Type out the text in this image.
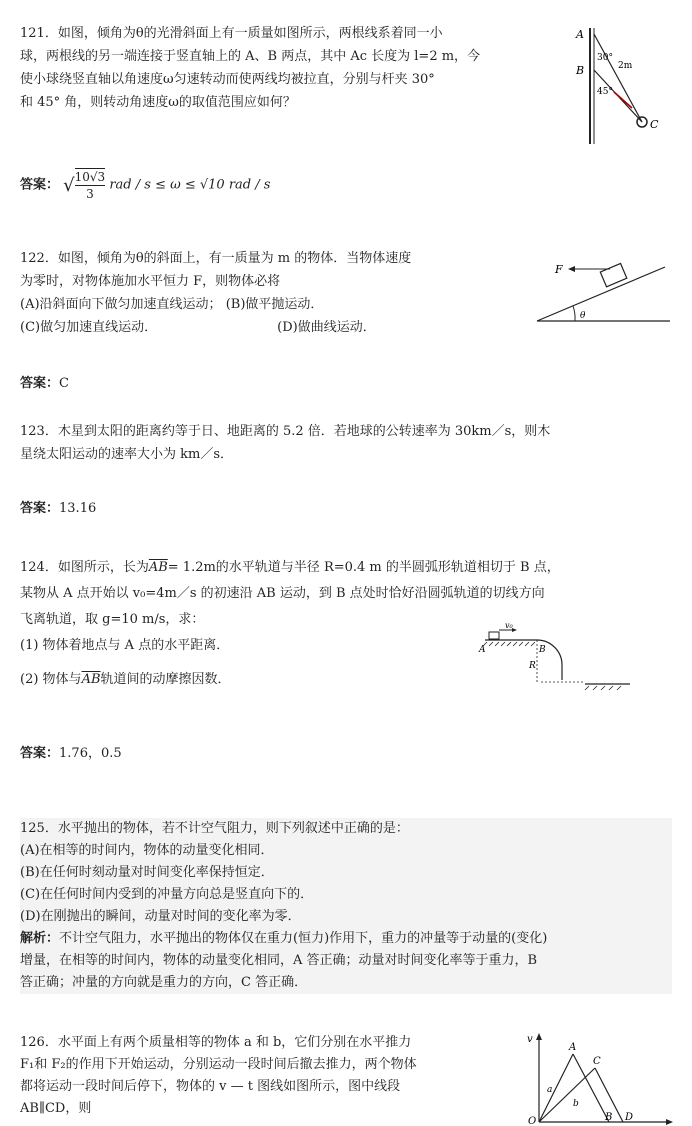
121．如图，倾角为θ的光滑斜面上有一质量如图所示，两根线系着同一小

球，两根线的另一端连接于竖直轴上的 A、B 两点，其中 Ac 长度为 l=2 m，今

使小球绕竖直轴以角速度ω匀速转动而使两线均被拉直，分别与杆夹 30°

和 45° 角，则转动角速度ω的取值范围应如何？

A
B
30°
2m
45°
C
答案： √ $\frac{10√3}{3}$ rad / s ≤ ω ≤ √10 rad / s

122．如图，倾角为θ的斜面上，有一质量为 m 的物体．当物体速度

为零时，对物体施加水平恒力 F，则物体必将

(A)沿斜面向下做匀加速直线运动； (B)做平抛运动．

(C)做匀加速直线运动．	(D)做曲线运动．

F
θ
答案：C

123．木星到太阳的距离约等于日、地距离的 5.2 倍．若地球的公转速率为 30km／s，则木

星绕太阳运动的速率大小为 km／s．

答案：13.16

124．如图所示，长为$\overline{AB}= 1.2m$的水平轨道与半径 R=0.4 m 的半圆弧形轨道相切于 B 点，

某物从 A 点开始以 v₀=4m／s 的初速沿 AB 运动，到 B 点处时恰好沿圆弧轨道的切线方向

飞离轨道，取 g=10 m/s，求：

(1) 物体着地点与 A 点的水平距离．

(2) 物体与$\overline{AB}$轨道间的动摩擦因数．

v₀
A	B
R
答案：1.76，0.5

125．水平抛出的物体，若不计空气阻力，则下列叙述中正确的是：

(A)在相等的时间内，物体的动量变化相同．

(B)在任何时刻动量对时间变化率保持恒定．

(C)在任何时间内受到的冲量方向总是竖直向下的．

(D)在刚抛出的瞬间，动量对时间的变化率为零．

解析：不计空气阻力，水平抛出的物体仅在重力(恒力)作用下，重力的冲量等于动量的(变化)

增量，在相等的时间内，物体的动量变化相同，A 答正确；动量对时间变化率等于重力，B

答正确；冲量的方向就是重力的方向，C 答正确．

126．水平面上有两个质量相等的物体 a 和 b，它们分别在水平推力

F₁和 F₂的作用下开始运动，分别运动一段时间后撤去推力，两个物体

都将运动一段时间后停下，物体的 v — t 图线如图所示，图中线段

AB∥CD，则

v
O
A
C
a
b
B D
